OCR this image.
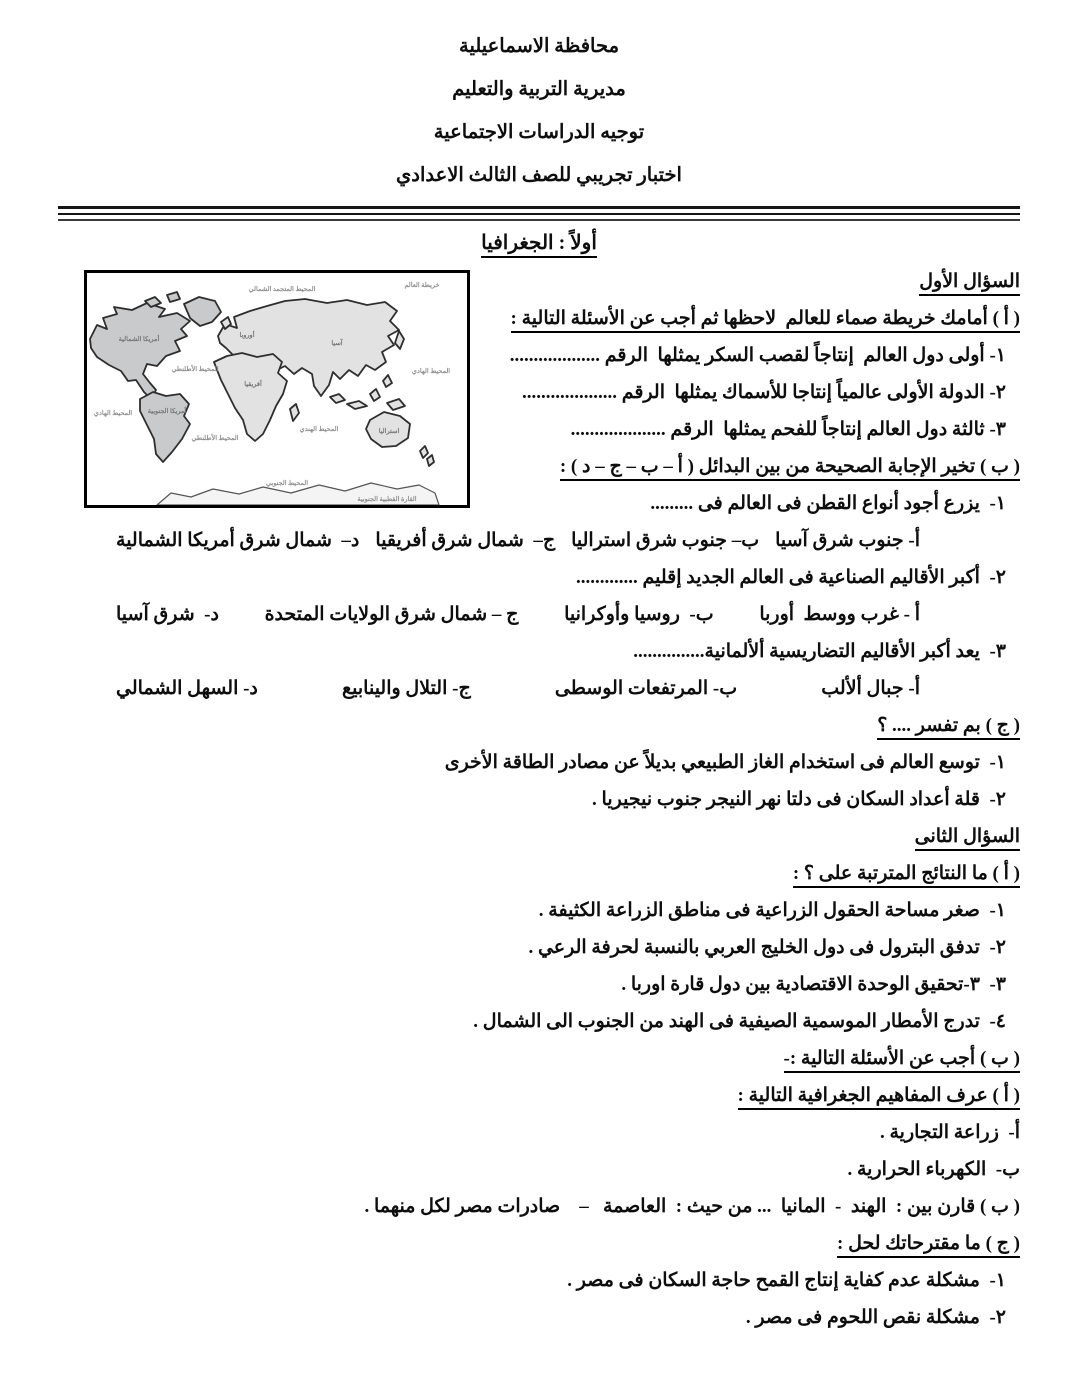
محافظة الاسماعيلية
مديرية التربية والتعليم
توجيه الدراسات الاجتماعية
اختبار تجريبي للصف الثالث الاعدادي
أولاً : الجغرافيا
السؤال الأول
خريطة العالم
المحيط المتجمد الشمالي
أمريكا الشمالية
أوروبا
آسيا
أفريقيا
أمريكا الجنوبية
استراليا
المحيط الأطلنطي
المحيط الأطلنطي
المحيط الهادي
المحيط الهادي
المحيط الهندي
المحيط الجنوبي
القارة القطبية الجنوبية
( أ ) أمامك خريطة صماء للعالم  لاحظها ثم أجب عن الأسئلة التالية :
١- أولى دول العالم  إنتاجاً لقصب السكر يمثلها  الرقم ...................
٢- الدولة الأولى عالمياً إنتاجا للأسماك يمثلها  الرقم ....................
٣- ثالثة دول العالم إنتاجاً للفحم يمثلها  الرقم ....................
( ب ) تخير الإجابة الصحيحة من بين البدائل ( أ – ب – ج – د ) :
١-  يزرع أجود أنواع القطن فى العالم فى .........
أ- جنوب شرق آسيا
ب– جنوب شرق استراليا
ج–  شمال شرق أفريقيا
د–  شمال شرق أمريكا الشمالية
٢-  أكبر الأقاليم الصناعية فى العالم الجديد إقليم .............
أ - غرب ووسط  أوربا
ب-  روسيا وأوكرانيا
ج – شمال شرق الولايات المتحدة
د-  شرق آسيا
٣-  يعد أكبر الأقاليم التضاريسية ألألمانية...............
أ- جبال ألألب
ب- المرتفعات الوسطى
ج- التلال والينابيع
د- السهل الشمالي
( ج ) بم تفسر .... ؟
١-  توسع العالم فى استخدام الغاز الطبيعي بديلاً عن مصادر الطاقة الأخرى
٢-  قلة أعداد السكان فى دلتا نهر النيجر جنوب نيجيريا .
السؤال الثانى
( أ ) ما النتائج المترتبة على ؟ :
١-  صغر مساحة الحقول الزراعية فى مناطق الزراعة الكثيفة .
٢-  تدفق البترول فى دول الخليج العربي بالنسبة لحرفة الرعي .
٣-  ٣-تحقيق الوحدة الاقتصادية بين دول قارة اوربا .
٤-  تدرج الأمطار الموسمية الصيفية فى الهند من الجنوب الى الشمال .
( ب ) أجب عن الأسئلة التالية :-
( أ ) عرف المفاهيم الجغرافية التالية :
أ-  زراعة التجارية .
ب-  الكهرباء الحرارية .
( ب ) قارن بين :  الهند  -  المانيا  ... من حيث :  العاصمة   –    صادرات مصر لكل منهما .
( ج ) ما مقترحاتك لحل :
١-  مشكلة عدم كفاية إنتاج القمح حاجة السكان فى مصر .
٢-  مشكلة نقص اللحوم فى مصر .
